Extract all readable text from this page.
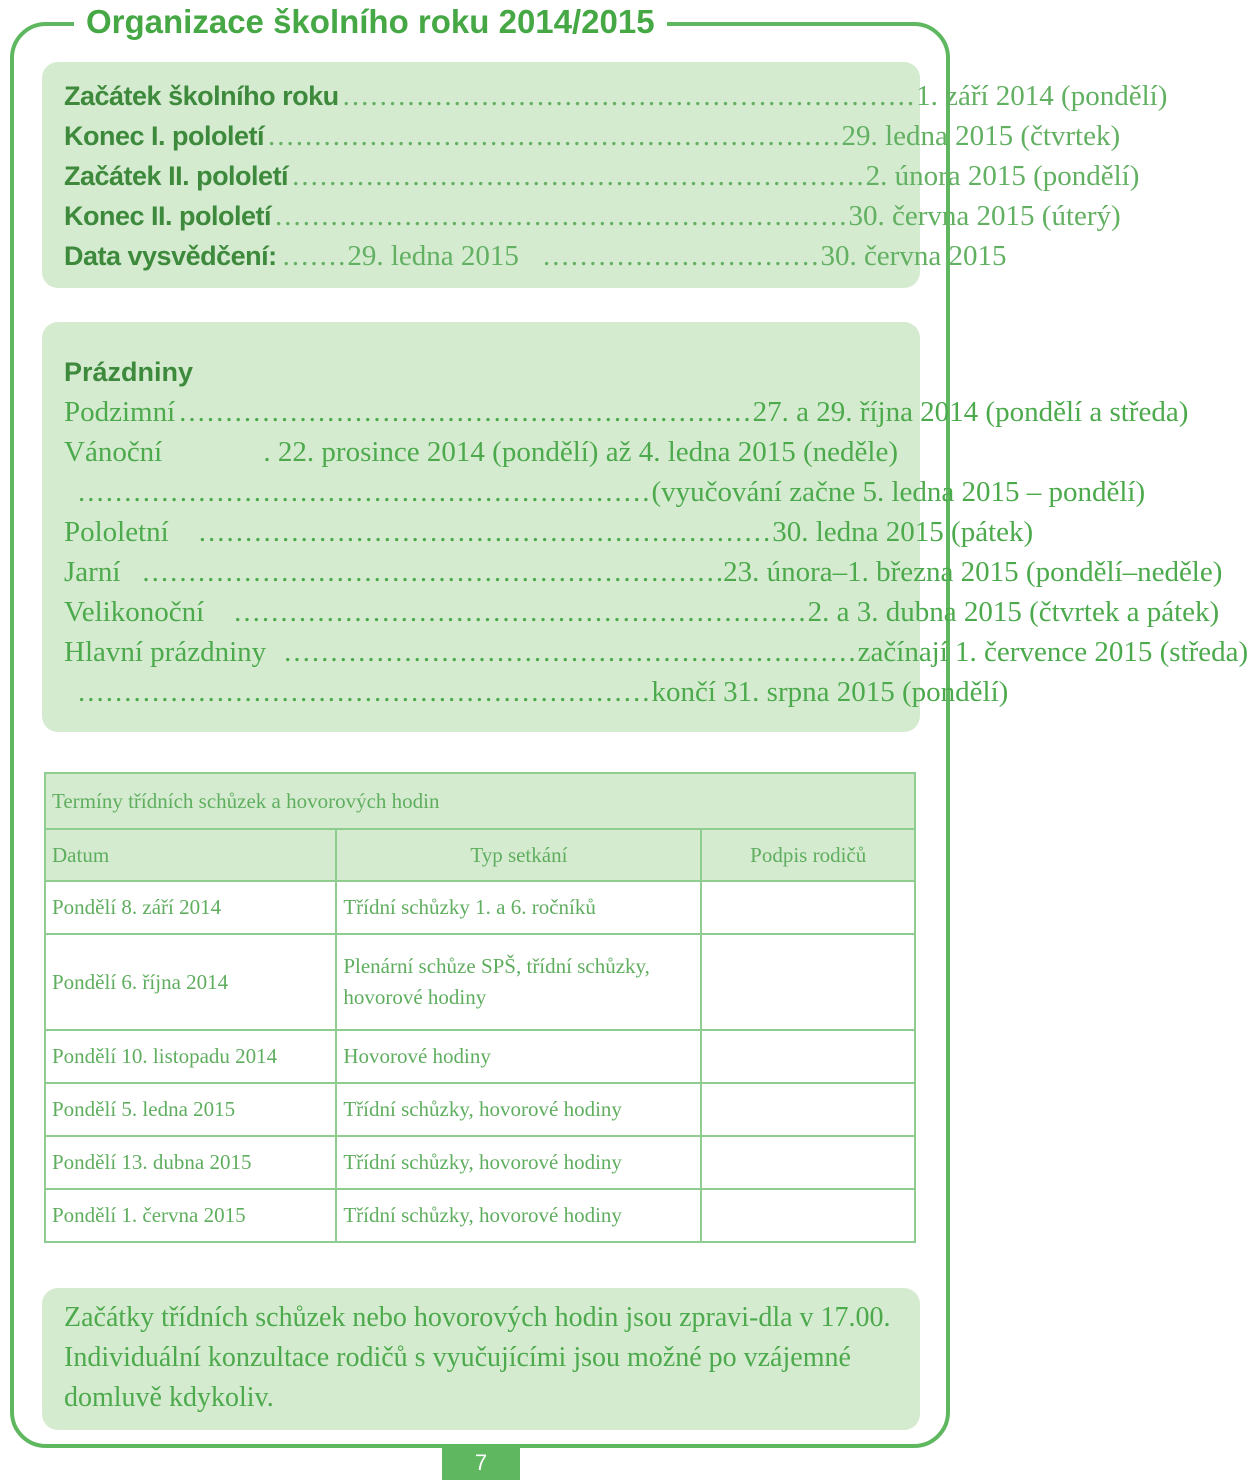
Organizace školního roku 2014/2015
Začátek školního roku .............................................................. 1. září 2014 (pondělí)
Konec I. pololetí .............................................................. 29. ledna 2015 (čtvrtek)
Začátek II. pololetí .............................................................. 2. února 2015 (pondělí)
Konec II. pololetí .............................................................. 30. června 2015 (úterý)
Data vysvědčení: ....... 29. ledna 2015 .............................. 30. června 2015
Prázdniny
Podzimní .............................................................. 27. a 29. října 2014 (pondělí a středa)
Vánoční	. 22. prosince 2014 (pondělí) až 4. ledna 2015 (neděle)
.............................................................. (vyučování začne 5. ledna 2015 – pondělí)
Pololetní	.............................................................. 30. ledna 2015 (pátek)
Jarní .............................................................. .23. února–1. března 2015 (pondělí–neděle)
Velikonoční	.............................................................. 2. a 3. dubna 2015 (čtvrtek a pátek)
Hlavní prázdniny .............................................................. začínají 1. července 2015 (středa)
.............................................................. končí 31. srpna 2015 (pondělí)
Termíny třídních schůzek a hovorových hodin		
Datum	Typ setkání	Podpis rodičů
Pondělí 8. září 2014	Třídní schůzky 1. a 6. ročníků	
Pondělí 6. října 2014	Plenární schůze SPŠ, třídní schůzky, hovorové hodiny	
Pondělí 10. listopadu 2014	Hovorové hodiny	
Pondělí 5. ledna 2015	Třídní schůzky, hovorové hodiny	
Pondělí 13. dubna 2015	Třídní schůzky, hovorové hodiny	
Pondělí 1. června 2015	Třídní schůzky, hovorové hodiny	
Začátky třídních schůzek nebo hovorových hodin jsou zpravi-dla v 17.00. Individuální konzultace rodičů s vyučujícími jsou možné po vzájemné domluvě kdykoliv.
7
